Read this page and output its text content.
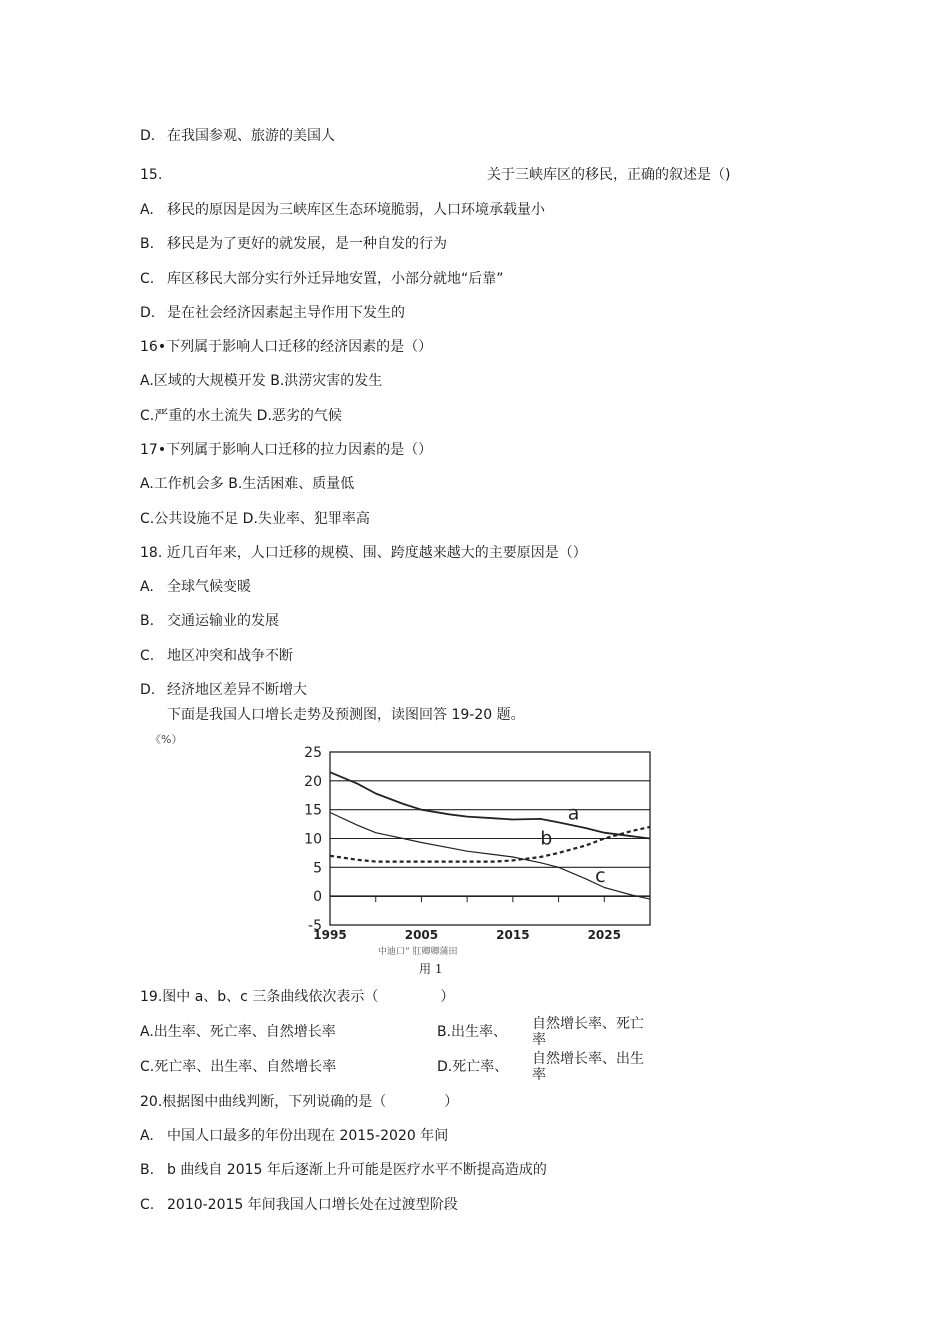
D. 在我国参观、旅游的美国人
15.	关于三峡库区的移民，正确的叙述是（)
A. 移民的原因是因为三峡库区生态环境脆弱，人口环境承载量小
B. 移民是为了更好的就发展，是一种自发的行为
C. 库区移民大部分实行外迁异地安置，小部分就地“后靠”
D. 是在社会经济因素起主导作用下发生的
16•下列属于影响人口迁移的经济因素的是（）
A.区域的大规模开发 B.洪涝灾害的发生
C.严重的水土流失 D.恶劣的气候
17•下列属于影响人口迁移的拉力因素的是（）
A.工作机会多 B.生活困难、质量低
C.公共设施不足 D.失业率、犯罪率高
18. 近几百年来，人口迁移的规模、围、跨度越来越大的主要原因是（）
A. 全球气候变暖
B. 交通运输业的发展
C. 地区冲突和战争不断
D. 经济地区差异不断增大
下面是我国人口增长走势及预测图，读图回答 19-20 题。
《%）
-5
0
5
10
15
20
25
1995	2005	2015	2025
a
b
c
中迪口” 肛卿卿蒲田
用 1
19.图中 a、b、c 三条曲线依次表示（	）
A.出生率、死亡率、自然增长率	B.出生率、 自然增长率、死亡
率
C.死亡率、出生率、自然增长率	D.死亡率、 自然增长率、出生
率
20.根据图中曲线判断，下列说确的是（	）
A. 中国人口最多的年份出现在 2015-2020 年间
B. b 曲线自 2015 年后逐渐上升可能是医疗水平不断提高造成的
C. 2010-2015 年间我国人口增长处在过渡型阶段
